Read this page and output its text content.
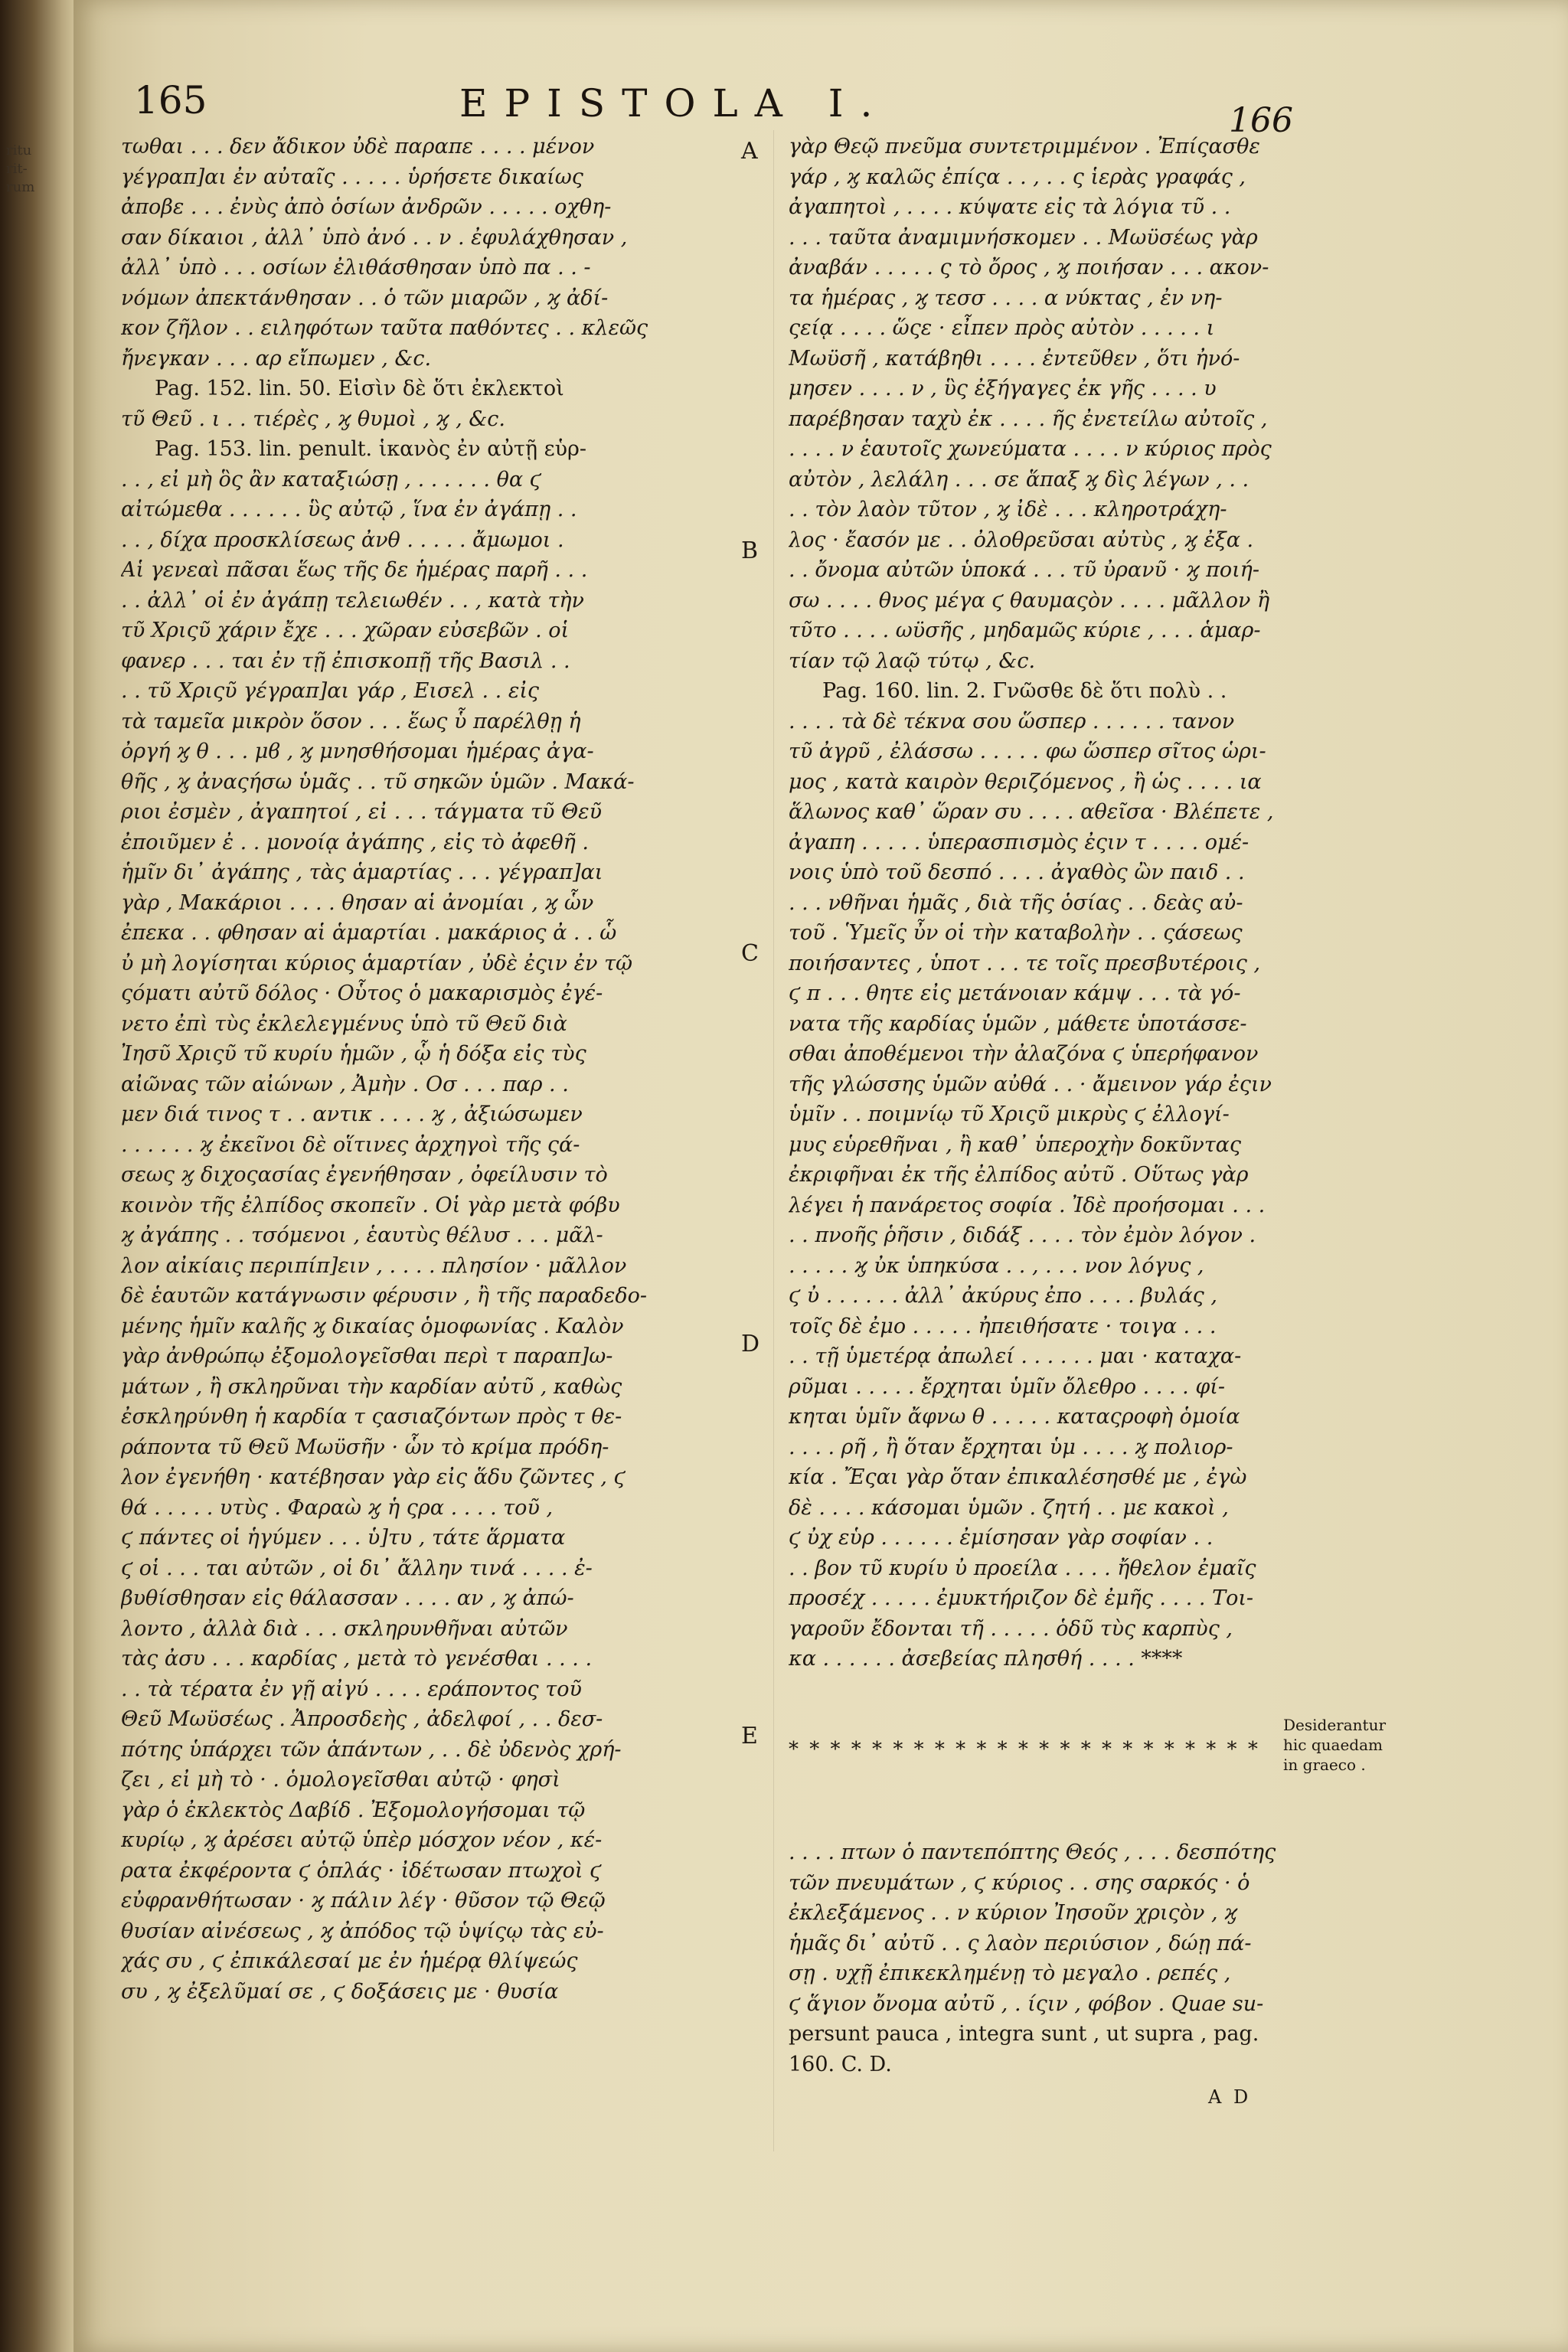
ritu
rit-
rum
165	EPISTOLA I.	166
τωθαι . . . δεν ἄδικον ὐδὲ παραπε . . . . μένον
γέγραπ]αι ἐν αὐταῖς . . . . . ὑρήσετε δικαίως
ἀποβε . . . ἐνὺς ἀπὸ ὁσίων ἀνδρῶν . . . . . οχθη-
σαν δίκαιοι , ἀλλ᾽ ὑπὸ ἀνό . . ν . ἐφυλάχθησαν ,
ἀλλ᾽ ὑπὸ . . . οσίων ἐλιθάσθησαν ὑπὸ πα . . -
νόμων ἀπεκτάνθησαν . . ὁ τῶν μιαρῶν , ϗ ἀδί-
κον ζῆλον . . ειληφότων ταῦτα παθόντες . . κλεῶς
ἤνεγκαν . . . αρ εἴπωμεν , &c.
Pag. 152. lin. 50. Εἰσὶν δὲ ὅτι ἐκλεκτοὶ
τῦ Θεῦ . ι . . τιέρὲς , ϗ θυμοὶ , ϗ , &c.
Pag. 153. lin. penult. ἱκανὸς ἐν αὐτῇ εὑρ-
. . , εἰ μὴ ὃς ἂν καταξιώσῃ , . . . . . . θα ϛ
αἰτώμεθα . . . . . . ὓς αὐτῷ , ἵνα ἐν ἀγάπῃ . .
. . , δίχα προσκλίσεως ἀνθ . . . . . ἄμωμοι .
Αἱ γενεαὶ πᾶσαι ἕως τῆς δε ἡμέρας παρῆ . . .
. . ἀλλ᾽ οἱ ἐν ἀγάπῃ τελειωθέν . . , κατὰ τὴν
τῦ Χριςῦ χάριν ἔχε . . . χῶραν εὐσεβῶν . οἱ
φανερ . . . ται ἐν τῇ ἐπισκοπῇ τῆς Βασιλ . .
. . τῦ Χριςῦ γέγραπ]αι γάρ , Εισελ . . εἰς
τὰ ταμεῖα μικρὸν ὅσον . . . ἕως ὗ παρέλθῃ ἡ
ὀργή ϗ θ . . . μϐ , ϗ μνησθήσομαι ἡμέρας ἀγα-
θῆς , ϗ ἀναςήσω ὑμᾶς . . τῦ σηκῶν ὑμῶν . Μακά-
ριοι ἐσμὲν , ἀγαπητοί , εἰ . . . τάγματα τῦ Θεῦ
ἐποιῦμεν ἐ . . μονοίᾳ ἀγάπης , εἰς τὸ ἀφεθῆ .
ἡμῖν δι᾽ ἀγάπης , τὰς ἁμαρτίας . . . γέγραπ]αι
γὰρ , Μακάριοι . . . . θησαν αἱ ἀνομίαι , ϗ ὧν
ἐπεκα . . φθησαν αἱ ἁμαρτίαι . μακάριος ἀ . . ὧ
ὐ μὴ λογίσηται κύριος ἁμαρτίαν , ὐδὲ ἐςιν ἐν τῷ
ςόματι αὐτῦ δόλος · Οὗτος ὁ μακαρισμὸς ἐγέ-
νετο ἐπὶ τὺς ἐκλελεγμένυς ὑπὸ τῦ Θεῦ διὰ
Ἰησῦ Χριςῦ τῦ κυρίυ ἡμῶν , ᾧ ἡ δόξα εἰς τὺς
αἰῶνας τῶν αἰώνων , Ἀμὴν . Οσ . . . παρ . .
μεν διά τινος τ . . αντικ . . . . ϗ , ἀξιώσωμεν
. . . . . . ϗ ἐκεῖνοι δὲ οἵτινες ἀρχηγοὶ τῆς ςά-
σεως ϗ διχοςασίας ἐγενήθησαν , ὀφείλυσιν τὸ
κοινὸν τῆς ἐλπίδος σκοπεῖν . Οἱ γὰρ μετὰ φόβυ
ϗ ἀγάπης . . τσόμενοι , ἑαυτὺς θέλυσ . . . μᾶλ-
λον αἰκίαις περιπίπ]ειν , . . . . πλησίον · μᾶλλον
δὲ ἑαυτῶν κατάγνωσιν φέρυσιν , ἢ τῆς παραδεδο-
μένης ἡμῖν καλῆς ϗ δικαίας ὁμοφωνίας . Καλὸν
γὰρ ἀνθρώπῳ ἐξομολογεῖσθαι περὶ τ παραπ]ω-
μάτων , ἢ σκληρῦναι τὴν καρδίαν αὐτῦ , καθὼς
ἐσκληρύνθη ἡ καρδία τ ςασιαζόντων πρὸς τ θε-
ράποντα τῦ Θεῦ Μωϋσῆν · ὧν τὸ κρίμα πρόδη-
λον ἐγενήθη · κατέβησαν γὰρ εἰς ἅδυ ζῶντες , ϛ
θά . . . . . υτὺς . Φαραὼ ϗ ἡ ςρα . . . . τοῦ ,
ϛ πάντες οἱ ἡγύμεν . . . ὑ]τυ , τάτε ἅρματα
ϛ οἱ . . . ται αὐτῶν , οἱ δι᾽ ἄλλην τινά . . . . ἐ-
βυθίσθησαν εἰς θάλασσαν . . . . αν , ϗ ἀπώ-
λοντο , ἀλλὰ διὰ . . . σκληρυνθῆναι αὐτῶν
τὰς ἀσυ . . . καρδίας , μετὰ τὸ γενέσθαι . . . .
. . τὰ τέρατα ἐν γῇ αἰγύ . . . . εράποντος τοῦ
Θεῦ Μωϋσέως . Ἀπροσδεὴς , ἀδελφοί , . . δεσ-
πότης ὑπάρχει τῶν ἁπάντων , . . δὲ ὐδενὸς χρή-
ζει , εἰ μὴ τὸ · . ὁμολογεῖσθαι αὐτῷ · φησὶ
γὰρ ὁ ἐκλεκτὸς Δαβίδ . Ἐξομολογήσομαι τῷ
κυρίῳ , ϗ ἀρέσει αὐτῷ ὑπὲρ μόσχον νέον , κέ-
ρατα ἐκφέροντα ϛ ὁπλάς · ἰδέτωσαν πτωχοὶ ϛ
εὐφρανθήτωσαν · ϗ πάλιν λέγ · θῦσον τῷ Θεῷ
θυσίαν αἰνέσεως , ϗ ἀπόδος τῷ ὑψίςῳ τὰς εὐ-
χάς συ , ϛ ἐπικάλεσαί με ἐν ἡμέρᾳ θλίψεώς
συ , ϗ ἐξελῦμαί σε , ϛ δοξάσεις με · θυσία
γὰρ Θεῷ πνεῦμα συντετριμμένον . Ἐπίςασθε
γάρ , ϗ καλῶς ἐπίςα . . , . . ς ἱερὰς γραφάς ,
ἀγαπητοὶ , . . . . κύψατε εἰς τὰ λόγια τῦ . .
. . . ταῦτα ἀναμιμνήσκομεν . . Μωϋσέως γὰρ
ἀναβάν . . . . . ς τὸ ὄρος , ϗ ποιήσαν . . . ακον-
τα ἡμέρας , ϗ τεσσ . . . . α νύκτας , ἐν νη-
ςείᾳ . . . . ὥςε · εἶπεν πρὸς αὐτὸν . . . . . ι
Μωϋσῆ , κατάβηθι . . . . ἐντεῦθεν , ὅτι ἠνό-
μησεν . . . . ν , ὓς ἐξήγαγες ἐκ γῆς . . . . υ
παρέβησαν ταχὺ ἐκ . . . . ῆς ἐνετείλω αὐτοῖς ,
. . . . ν ἑαυτοῖς χωνεύματα . . . . ν κύριος πρὸς
αὐτὸν , λελάλη . . . σε ἅπαξ ϗ δὶς λέγων , . .
. . τὸν λαὸν τῦτον , ϗ ἰδὲ . . . κληροτράχη-
λος · ἔασόν με . . ὀλοθρεῦσαι αὐτὺς , ϗ ἐξα .
. . ὄνομα αὐτῶν ὑποκά . . . τῦ ὐρανῦ · ϗ ποιή-
σω . . . . θνος μέγα ϛ θαυμαςὸν . . . . μᾶλλον ἢ
τῦτο . . . . ωϋσῆς , μηδαμῶς κύριε , . . . ἁμαρ-
τίαν τῷ λαῷ τύτῳ , &c.
Pag. 160. lin. 2. Γνῶσθε δὲ ὅτι πολὺ . .
. . . . τὰ δὲ τέκνα σου ὥσπερ . . . . . . τανον
τῦ ἀγρῦ , ἐλάσσω . . . . . φω ὥσπερ σῖτος ὡρι-
μος , κατὰ καιρὸν θεριζόμενος , ἢ ὡς . . . . ια
ἅλωνος καθ᾽ ὥραν συ . . . . αθεῖσα · Βλέπετε ,
ἀγαπη . . . . . ὑπερασπισμὸς ἐςιν τ . . . . ομέ-
νοις ὑπὸ τοῦ δεσπό . . . . ἀγαθὸς ὢν παιδ . .
. . . νθῆναι ἡμᾶς , διὰ τῆς ὁσίας . . δεὰς αὐ-
τοῦ . Ὑμεῖς ὖν οἱ τὴν καταβολὴν . . ςάσεως
ποιήσαντες , ὑποτ . . . τε τοῖς πρεσβυτέροις ,
ϛ π . . . θητε εἰς μετάνοιαν κάμψ . . . τὰ γό-
νατα τῆς καρδίας ὑμῶν , μάθετε ὑποτάσσε-
σθαι ἀποθέμενοι τὴν ἀλαζόνα ϛ ὑπερήφανον
τῆς γλώσσης ὑμῶν αὐθά . . · ἄμεινον γάρ ἐςιν
ὑμῖν . . ποιμνίῳ τῦ Χριςῦ μικρὺς ϛ ἐλλογί-
μυς εὑρεθῆναι , ἢ καθ᾽ ὑπεροχὴν δοκῦντας
ἐκριφῆναι ἐκ τῆς ἐλπίδος αὐτῦ . Οὕτως γὰρ
λέγει ἡ πανάρετος σοφία . Ἰδὲ προήσομαι . . .
. . πνοῆς ῥῆσιν , διδάξ . . . . τὸν ἐμὸν λόγον .
. . . . . ϗ ὐκ ὑπηκύσα . . , . . . νον λόγυς ,
ϛ ὐ . . . . . . ἀλλ᾽ ἀκύρυς ἐπο . . . . βυλάς ,
τοῖς δὲ ἐμο . . . . . ἠπειθήσατε · τοιγα . . .
. . τῇ ὑμετέρᾳ ἀπωλεί . . . . . . μαι · καταχα-
ρῦμαι . . . . . ἔρχηται ὑμῖν ὄλεθρο . . . . φί-
κηται ὑμῖν ἄφνω θ . . . . . καταςροφὴ ὁμοία
. . . . ρῆ , ἢ ὅταν ἔρχηται ὑμ . . . . ϗ πολιορ-
κία . Ἔςαι γὰρ ὅταν ἐπικαλέσησθέ με , ἐγὼ
δὲ . . . . κάσομαι ὑμῶν . ζητή . . με κακοὶ ,
ϛ ὐχ εὑρ . . . . . . ἐμίσησαν γὰρ σοφίαν . .
. . βον τῦ κυρίυ ὐ προείλα . . . . ἤθελον ἐμαῖς
προσέχ . . . . . ἐμυκτήριζον δὲ ἐμῆς . . . . Τοι-
γαροῦν ἔδονται τῆ . . . . . ὁδῦ τὺς καρπὺς ,
κα . . . . . . ἀσεβείας πλησθή . . . . ****
* * * * * * * * * * * * * * * * * * * * * * *
Desiderantur hic quaedam in graeco .
. . . . πτων ὁ παντεπόπτης Θεός , . . . δεσπότης
τῶν πνευμάτων , ϛ κύριος . . σης σαρκός · ὁ
ἐκλεξάμενος . . ν κύριον Ἰησοῦν χριςὸν , ϗ
ἡμᾶς δι᾽ αὐτῦ . . ς λαὸν περιύσιον , δώῃ πά-
σῃ . υχῇ ἐπικεκλημένῃ τὸ μεγαλο . ρεπές ,
ϛ ἅγιον ὄνομα αὐτῦ , . ίςιν , φόβον . Quae su-
persunt pauca , integra sunt , ut supra , pag.
160. C. D.
A
B
C
D
E
A D
